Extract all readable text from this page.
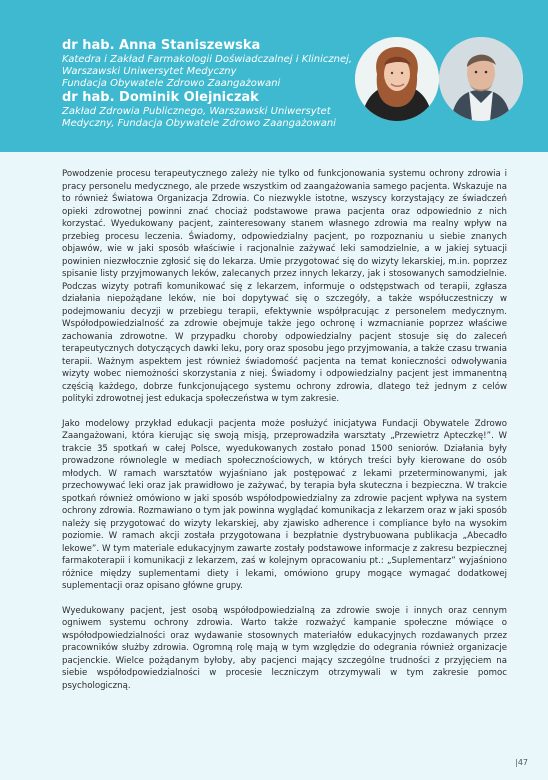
dr hab. Anna Staniszewska

Katedra i Zakład Farmakologii Doświadczalnej i Klinicznej,

Warszawski Uniwersytet Medyczny

Fundacja Obywatele Zdrowo Zaangażowani

dr hab. Dominik Olejniczak

Zakład Zdrowia Publicznego, Warszawski Uniwersytet

Medyczny, Fundacja Obywatele Zdrowo Zaangażowani

Powodzenie procesu terapeutycznego zależy nie tylko od funkcjonowania systemu ochrony zdrowia i pracy personelu medycznego, ale przede wszystkim od zaangażowania samego pacjenta. Wskazuje na to również Światowa Organizacja Zdrowia. Co niezwykle istotne, wszyscy korzystający ze świadczeń opieki zdrowotnej powinni znać chociaż podstawowe prawa pacjenta oraz odpowiednio z nich korzystać. Wyedukowany pacjent, zainteresowany stanem własnego zdrowia ma realny wpływ na przebieg procesu leczenia. Świadomy, odpowiedzialny pacjent, po rozpoznaniu u siebie znanych objawów, wie w jaki sposób właściwie i racjonalnie zażywać leki samodzielnie, a w jakiej sytuacji powinien niezwłocznie zgłosić się do lekarza. Umie przygotować się do wizyty lekarskiej, m.in. poprzez spisanie listy przyjmowanych leków, zalecanych przez innych lekarzy, jak i stosowanych samodzielnie. Podczas wizyty potrafi komunikować się z lekarzem, informuje o odstępstwach od terapii, zgłasza działania niepożądane leków, nie boi dopytywać się o szczegóły, a także współuczestniczy w podejmowaniu decyzji w przebiegu terapii, efektywnie współpracując z personelem medycznym. Współodpowiedzialność za zdrowie obejmuje także jego ochronę i wzmacnianie poprzez właściwe zachowania zdrowotne. W przypadku choroby odpowiedzialny pacjent stosuje się do zaleceń terapeutycznych dotyczących dawki leku, pory oraz sposobu jego przyjmowania, a także czasu trwania terapii. Ważnym aspektem jest również świadomość pacjenta na temat konieczności odwoływania wizyty wobec niemożności skorzystania z niej. Świadomy i odpowiedzialny pacjent jest immanentną częścią każdego, dobrze funkcjonującego systemu ochrony zdrowia, dlatego też jednym z celów polityki zdrowotnej jest edukacja społeczeństwa w tym zakresie.

Jako modelowy przykład edukacji pacjenta może posłużyć inicjatywa Fundacji Obywatele Zdrowo Zaangażowani, która kierując się swoją misją, przeprowadziła warsztaty „Przewietrz Apteczkę!”. W trakcie 35 spotkań w całej Polsce, wyedukowanych zostało ponad 1500 seniorów. Działania były prowadzone równolegle w mediach społecznościowych, w których treści były kierowane do osób młodych. W ramach warsztatów wyjaśniano jak postępować z lekami przeterminowanymi, jak przechowywać leki oraz jak prawidłowo je zażywać, by terapia była skuteczna i bezpieczna. W trakcie spotkań również omówiono w jaki sposób współodpowiedzialny za zdrowie pacjent wpływa na system ochrony zdrowia. Rozmawiano o tym jak powinna wyglądać komunikacja z lekarzem oraz w jaki sposób należy się przygotować do wizyty lekarskiej, aby zjawisko adherence i compliance było na wysokim poziomie. W ramach akcji została przygotowana i bezpłatnie dystrybuowana publikacja „Abecadło lekowe”. W tym materiale edukacyjnym zawarte zostały podstawowe informacje z zakresu bezpiecznej farmakoterapii i komunikacji z lekarzem, zaś w kolejnym opracowaniu pt.: „Suplementarz” wyjaśniono różnice między suplementami diety i lekami, omówiono grupy mogące wymagać dodatkowej suplementacji oraz opisano główne grupy.

Wyedukowany pacjent, jest osobą współodpowiedzialną za zdrowie swoje i innych oraz cennym ogniwem systemu ochrony zdrowia. Warto także rozważyć kampanie społeczne mówiące o współodpowiedzialności oraz wydawanie stosownych materiałów edukacyjnych rozdawanych przez pracowników służby zdrowia. Ogromną rolę mają w tym względzie do odegrania również organizacje pacjenckie. Wielce pożądanym byłoby, aby pacjenci mający szczególne trudności z przyjęciem na siebie współodpowiedzialności w procesie leczniczym otrzymywali w tym zakresie pomoc psychologiczną.

|47
